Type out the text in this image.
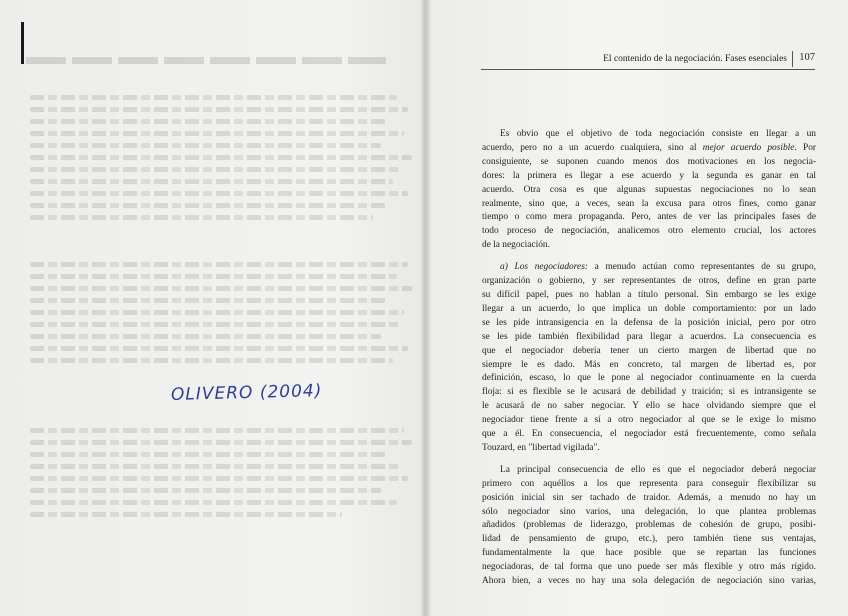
OLIVERO (2004)

El contenido de la negociación. Fases esenciales	107

Es obvio que el objetivo de toda negociación consiste en llegar a un
acuerdo, pero no a un acuerdo cualquiera, sino al mejor acuerdo posible. Por
consiguiente, se suponen cuando menos dos motivaciones en los negocia-
dores: la primera es llegar a ese acuerdo y la segunda es ganar en tal
acuerdo. Otra cosa es que algunas supuestas negociaciones no lo sean
realmente, sino que, a veces, sean la excusa para otros fines, como ganar
tiempo o como mera propaganda. Pero, antes de ver las principales fases de
todo proceso de negociación, analicemos otro elemento crucial, los actores
de la negociación.

a) Los negociadores: a menudo actúan como representantes de su grupo,
organización o gobierno, y ser representantes de otros, define en gran parte
su difícil papel, pues no hablan a título personal. Sin embargo se les exige
llegar a un acuerdo, lo que implica un doble comportamiento: por un lado
se les pide intransigencia en la defensa de la posición inicial, pero por otro
se les pide también flexibilidad para llegar a acuerdos. La consecuencia es
que el negociador debería tener un cierto margen de libertad que no
siempre le es dado. Más en concreto, tal margen de libertad es, por
definición, escaso, lo que le pone al negociador continuamente en la cuerda
floja: si es flexible se le acusará de debilidad y traición; si es intransigente se
le acusará de no saber negociar. Y ello se hace olvidando siempre que el
negociador tiene frente a sí a otro negociador al que se le exige lo mismo
que a él. En consecuencia, el negociador está frecuentemente, como señala
Touzard, en "libertad vigilada".

La principal consecuencia de ello es que el negociador deberá negociar
primero con aquéllos a los que representa para conseguir flexibilizar su
posición inicial sin ser tachado de traidor. Además, a menudo no hay un
sólo negociador sino varios, una delegación, lo que plantea problemas
añadidos (problemas de liderazgo, problemas de cohesión de grupo, posibi-
lidad de pensamiento de grupo, etc.), pero también tiene sus ventajas,
fundamentalmente la que hace posible que se repartan las funciones
negociadoras, de tal forma que uno puede ser más flexible y otro más rígido.
Ahora bien, a veces no hay una sola delegación de negociación sino varias,
